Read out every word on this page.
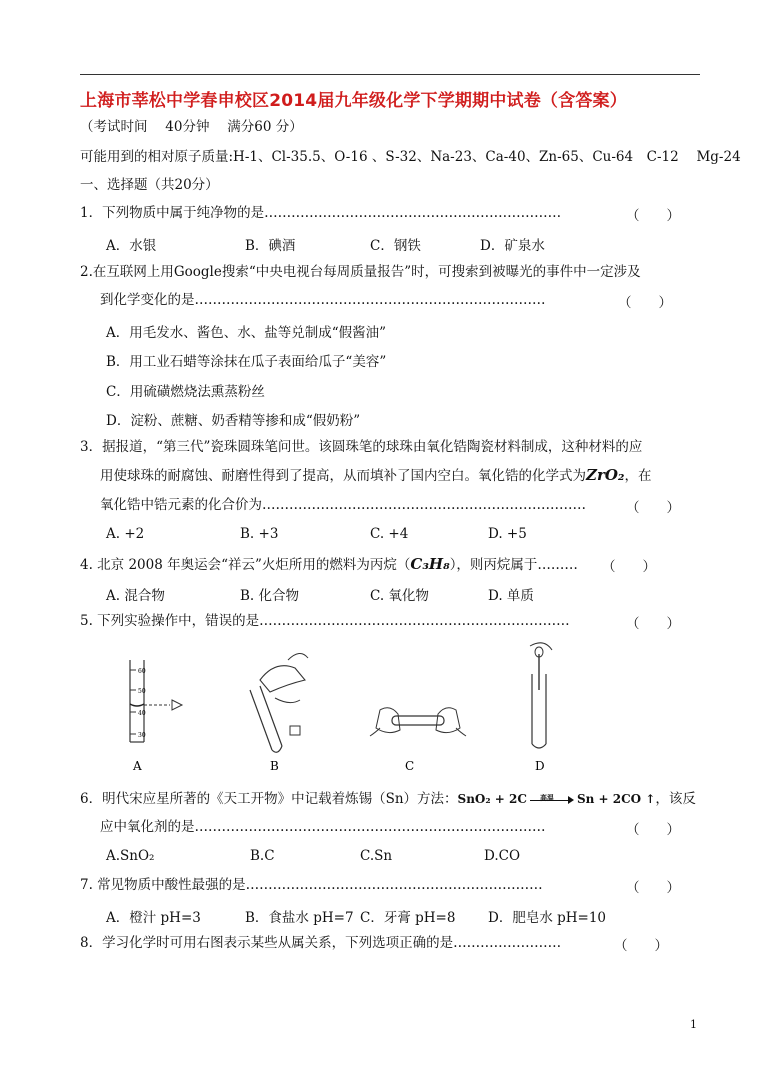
上海市莘松中学春申校区2014届九年级化学下学期期中试卷（含答案）
（考试时间　 40分钟　 满分60 分）
可能用到的相对原子质量:H-1、Cl-35.5、O-16 、S-32、Na-23、Ca-40、Zn-65、Cu-64　C-12　 Mg-24
一、选择题（共20分）
1．下列物质中属于纯净物的是…………………………………………………………	（　　）
A．水银	B．碘酒	C．钢铁	D．矿泉水
2.在互联网上用Google搜索“中央电视台每周质量报告”时，可搜索到被曝光的事件中一定涉及
到化学变化的是……………………………………………………………………	（　　）
A．用毛发水、酱色、水、盐等兑制成“假酱油”
B．用工业石蜡等涂抹在瓜子表面给瓜子“美容”
C．用硫磺燃烧法熏蒸粉丝
D．淀粉、蔗糖、奶香精等掺和成“假奶粉”
3．据报道，“第三代”瓷珠圆珠笔问世。该圆珠笔的球珠由氧化锆陶瓷材料制成，这种材料的应
用使球珠的耐腐蚀、耐磨性得到了提高，从而填补了国内空白。氧化锆的化学式为ZrO₂，在
氧化锆中锆元素的化合价为………………………………………………………………	（　　）
A. +2	B. +3	C. +4	D. +5
4. 北京 2008 年奥运会“祥云”火炬所用的燃料为丙烷（C₃H₈），则丙烷属于……… （　　）
A. 混合物	B. 化合物	C. 氧化物	D. 单质
5. 下列实验操作中，错误的是……………………………………………………………	（　　）
60
50
40
30
A	B	C	D
6．明代宋应星所著的《天工开物》中记载着炼锡（Sn）方法：SnO₂ + 2C 高温 Sn + 2CO ↑，该反
应中氧化剂的是……………………………………………………………………	（　　）
A.SnO₂	B.C	C.Sn	D.CO
7. 常见物质中酸性最强的是…………………………………………………………	（　　）
A．橙汁 pH=3	B．食盐水 pH=7 C．牙膏 pH=8 D．肥皂水 pH=10
8．学习化学时可用右图表示某些从属关系，下列选项正确的是……………………	（　　）
1
